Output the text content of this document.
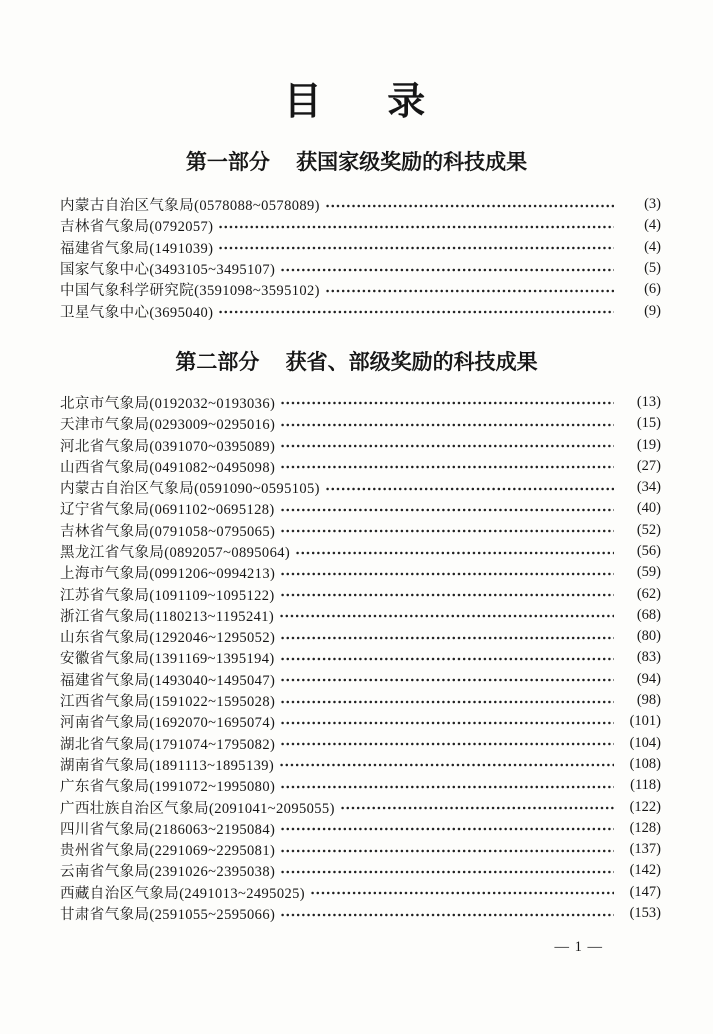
目 录
第一部分  获国家级奖励的科技成果
内蒙古自治区气象局(0578088~0578089)	(3)
吉林省气象局(0792057)	(4)
福建省气象局(1491039)	(4)
国家气象中心(3493105~3495107)	(5)
中国气象科学研究院(3591098~3595102)	(6)
卫星气象中心(3695040)	(9)
第二部分  获省、部级奖励的科技成果
北京市气象局(0192032~0193036)	(13)
天津市气象局(0293009~0295016)	(15)
河北省气象局(0391070~0395089)	(19)
山西省气象局(0491082~0495098)	(27)
内蒙古自治区气象局(0591090~0595105)	(34)
辽宁省气象局(0691102~0695128)	(40)
吉林省气象局(0791058~0795065)	(52)
黑龙江省气象局(0892057~0895064)	(56)
上海市气象局(0991206~0994213)	(59)
江苏省气象局(1091109~1095122)	(62)
浙江省气象局(1180213~1195241)	(68)
山东省气象局(1292046~1295052)	(80)
安徽省气象局(1391169~1395194)	(83)
福建省气象局(1493040~1495047)	(94)
江西省气象局(1591022~1595028)	(98)
河南省气象局(1692070~1695074)	(101)
湖北省气象局(1791074~1795082)	(104)
湖南省气象局(1891113~1895139)	(108)
广东省气象局(1991072~1995080)	(118)
广西壮族自治区气象局(2091041~2095055)	(122)
四川省气象局(2186063~2195084)	(128)
贵州省气象局(2291069~2295081)	(137)
云南省气象局(2391026~2395038)	(142)
西藏自治区气象局(2491013~2495025)	(147)
甘肃省气象局(2591055~2595066)	(153)
— 1 —
